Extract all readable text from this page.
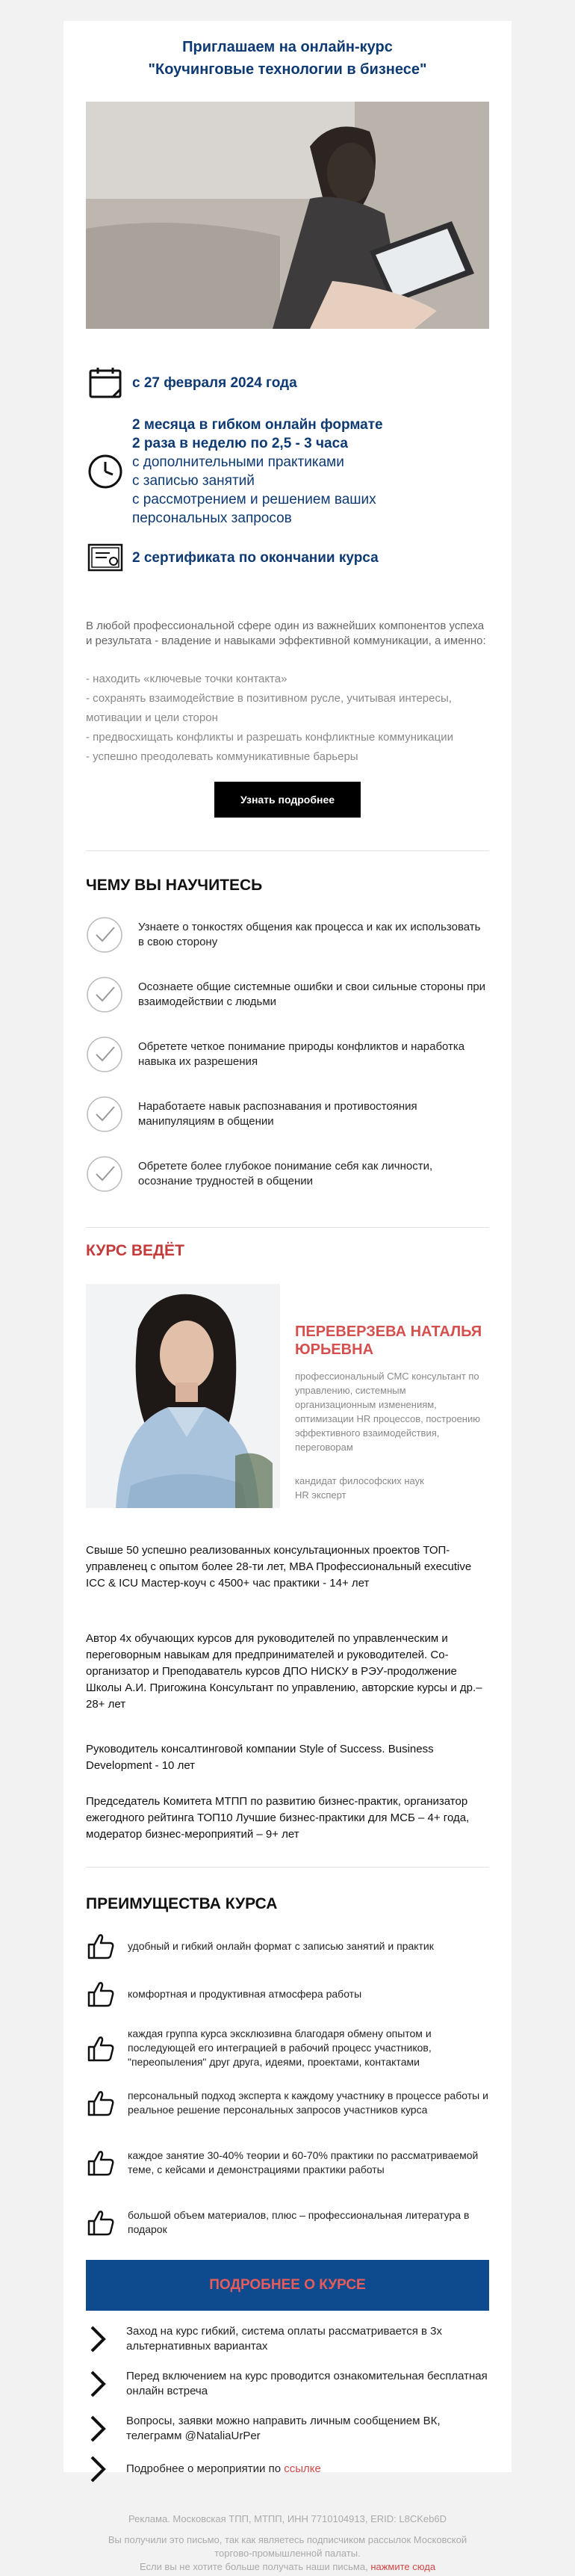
Приглашаем на онлайн-курс
"Коучинговые технологии в бизнесе"
с 27 февраля 2024 года
2 месяца в гибком онлайн формате
2 раза в неделю по 2,5 - 3 часа
с дополнительными практиками
с записью занятий
с рассмотрением и решением ваших
персональных запросов
2 сертификата по окончании курса
В любой профессиональной сфере один из важнейших компонентов успеха и результата - владение и навыками эффективной коммуникации, а именно:
- находить «ключевые точки контакта»
- сохранять взаимодействие в позитивном русле, учитывая интересы, мотивации и цели сторон
- предвосхищать конфликты и разрешать конфликтные коммуникации
- успешно преодолевать коммуникативные барьеры
Узнать подробнее
ЧЕМУ ВЫ НАУЧИТЕСЬ
Узнаете о тонкостях общения как процесса и как их использовать в свою сторону
Осознаете общие системные ошибки и свои сильные стороны при взаимодействии с людьми
Обретете четкое понимание природы конфликтов и наработка навыка их разрешения
Наработаете навык распознавания и противостояния манипуляциям в общении
Обретете более глубокое понимание себя как личности, осознание трудностей в общении
КУРС ВЕДЁТ
ПЕРЕВЕРЗЕВА НАТАЛЬЯ ЮРЬЕВНА
профессиональный CMC консультант по управлению, системным организационным изменениям, оптимизации HR процессов, построению эффективного взаимодействия, переговорам
кандидат философских наук
HR эксперт
Свыше 50 успешно реализованных консультационных проектов ТОП-управленец с опытом более 28-ти лет, MBA Профессиональный executive ICC & ICU Мастер-коуч с 4500+ час практики - 14+ лет
Автор 4х обучающих курсов для руководителей по управленческим и переговорным навыкам для предпринимателей и руководителей. Со-организатор и Преподаватель курсов ДПО НИСКУ в РЭУ-продолжение Школы А.И. Пригожина Консультант по управлению, авторские курсы и др.– 28+ лет
Руководитель консалтинговой компании Style of Success. Business Development - 10 лет
Председатель Комитета МТПП по развитию бизнес-практик, организатор ежегодного рейтинга ТОП10 Лучшие бизнес-практики для МСБ – 4+ года, модератор бизнес-мероприятий – 9+ лет
ПРЕИМУЩЕСТВА КУРСА
удобный и гибкий онлайн формат с записью занятий и практик
комфортная и продуктивная атмосфера работы
каждая группа курса эксклюзивна благодаря обмену опытом и последующей его интеграцией в рабочий процесс участников, "переопыления" друг друга, идеями, проектами, контактами
персональный подход эксперта к каждому участнику в процессе работы и реальное решение персональных запросов участников курса
каждое занятие 30-40% теории и 60-70% практики по рассматриваемой теме, с кейсами и демонстрациями практики работы
большой объем материалов, плюс – профессиональная литература в подарок
ПОДРОБНЕЕ О КУРСЕ
Заход на курс гибкий, система оплаты рассматривается в 3х альтернативных вариантах
Перед включением на курс проводится ознакомительная бесплатная онлайн встреча
Вопросы, заявки можно направить личным сообщением ВК, телеграмм @NataliaUrPer
Подробнее о мероприятии по ссылке
Реклама. Московская ТПП, МТПП, ИНН 7710104913, ERID: L8CKeb6D
Вы получили это письмо, так как являетесь подписчиком рассылок Московской
торгово-промышленной палаты.
Если вы не хотите больше получать наши письма, нажмите сюда
